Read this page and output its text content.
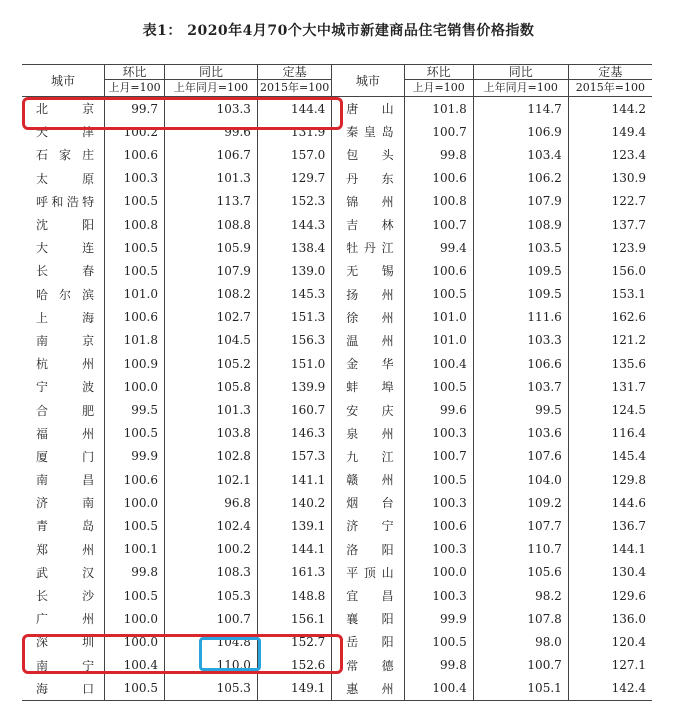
表1： 2020年4月70个大中城市新建商品住宅销售价格指数
城市	环比	同比	定基	城市	环比	同比	定基
	上月=100	上年同月=100	2015年=100		上月=100	上年同月=100	2015年=100
北京	99.7	103.3	144.4	唐山	101.8	114.7	144.2
天津	100.2	99.6	131.9	秦皇岛	100.7	106.9	149.4
石家庄	100.6	106.7	157.0	包头	99.8	103.4	123.4
太原	100.3	101.3	129.7	丹东	100.6	106.2	130.9
呼和浩特	100.5	113.7	152.3	锦州	100.8	107.9	122.7
沈阳	100.8	108.8	144.3	吉林	100.7	108.9	137.7
大连	100.5	105.9	138.4	牡丹江	99.4	103.5	123.9
长春	100.5	107.9	139.0	无锡	100.6	109.5	156.0
哈尔滨	101.0	108.2	145.3	扬州	100.5	109.5	153.1
上海	100.6	102.7	151.3	徐州	101.0	111.6	162.6
南京	101.8	104.5	156.3	温州	101.0	103.3	121.2
杭州	100.9	105.2	151.0	金华	100.4	106.6	135.6
宁波	100.0	105.8	139.9	蚌埠	100.5	103.7	131.7
合肥	99.5	101.3	160.7	安庆	99.6	99.5	124.5
福州	100.5	103.8	146.3	泉州	100.3	103.6	116.4
厦门	99.9	102.8	157.3	九江	100.7	107.6	145.4
南昌	100.6	102.1	141.1	赣州	100.5	104.0	129.8
济南	100.0	96.8	140.2	烟台	100.3	109.2	144.6
青岛	100.5	102.4	139.1	济宁	100.6	107.7	136.7
郑州	100.1	100.2	144.1	洛阳	100.3	110.7	144.1
武汉	99.8	108.3	161.3	平顶山	100.0	105.6	130.4
长沙	100.5	105.3	148.8	宜昌	100.3	98.2	129.6
广州	100.0	100.7	156.1	襄阳	99.9	107.8	136.0
深圳	100.0	104.8	152.7	岳阳	100.5	98.0	120.4
南宁	100.4	110.0	152.6	常德	99.8	100.7	127.1
海口	100.5	105.3	149.1	惠州	100.4	105.1	142.4
